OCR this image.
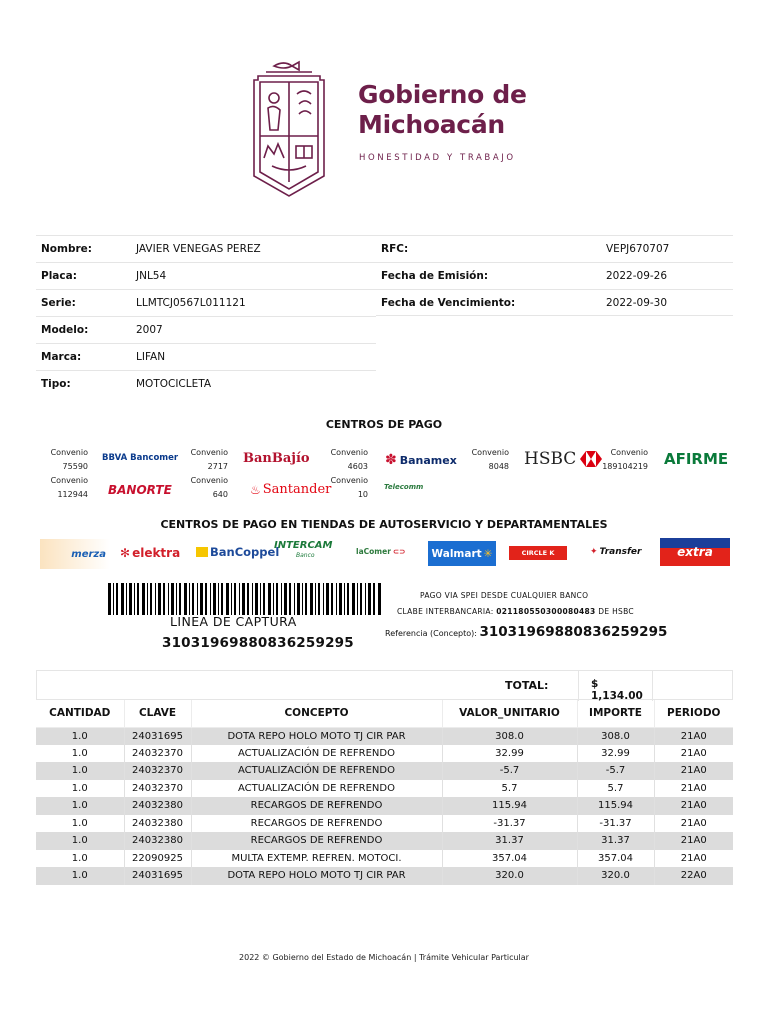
Gobierno de
Michoacán
HONESTIDAD Y TRABAJO
Nombre:	JAVIER VENEGAS PEREZ
Placa:	JNL54
Serie:	LLMTCJ0567L011121
Modelo:	2007
Marca:	LIFAN
Tipo:	MOTOCICLETA
RFC:	VEPJ670707
Fecha de Emisión:	2022-09-26
Fecha de Vencimiento:	2022-09-30
CENTROS DE PAGO
Convenio
75590
BBVA Bancomer
Convenio
2717
BanBajío	Convenio
4603 ✽ Banamex
Convenio
8048 HSBC	Convenio
189104219 AFIRME
Convenio
112944 BANORTE
Convenio
640 ♨ Santander
Convenio
10
Telecomm
CENTROS DE PAGO EN TIENDAS DE AUTOSERVICIO Y DEPARTAMENTALES
merza	✻ elektra	BanCoppel
INTERCAM
Banco	laComer ⊂⊃ Walmart ✳	CIRCLE K	✦ Transfer	extra
LINEA DE CAPTURA
31031969880836259295
PAGO VIA SPEI DESDE CUALQUIER BANCO
CLABE INTERBANCARIA: 021180550300080483 DE HSBC
Referencia (Concepto): 31031969880836259295
TOTAL:	$ 1,134.00
CANTIDAD	CLAVE	CONCEPTO	VALOR_UNITARIO	IMPORTE	PERIODO
1.0	24031695	DOTA REPO HOLO MOTO TJ CIR PAR	308.0	308.0	21A0
1.0	24032370	ACTUALIZACIÓN DE REFRENDO	32.99	32.99	21A0
1.0	24032370	ACTUALIZACIÓN DE REFRENDO	-5.7	-5.7	21A0
1.0	24032370	ACTUALIZACIÓN DE REFRENDO	5.7	5.7	21A0
1.0	24032380	RECARGOS DE REFRENDO	115.94	115.94	21A0
1.0	24032380	RECARGOS DE REFRENDO	-31.37	-31.37	21A0
1.0	24032380	RECARGOS DE REFRENDO	31.37	31.37	21A0
1.0	22090925	MULTA EXTEMP. REFREN. MOTOCI.	357.04	357.04	21A0
1.0	24031695	DOTA REPO HOLO MOTO TJ CIR PAR	320.0	320.0	22A0
2022 © Gobierno del Estado de Michoacán | Trámite Vehicular Particular
